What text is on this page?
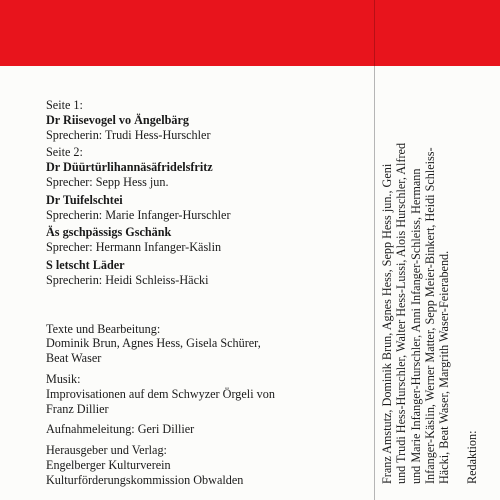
Seite 1:
Dr Riisevogel vo Ängelbärg
Sprecherin: Trudi Hess-Hurschler
Seite 2:
Dr Düürtürlihannäsäfridelsfritz
Sprecher: Sepp Hess jun.
Dr Tuifelschtei
Sprecherin: Marie Infanger-Hurschler
Äs gschpässigs Gschänk
Sprecher: Hermann Infanger-Käslin
S letscht Läder
Sprecherin: Heidi Schleiss-Häcki
Texte und Bearbeitung:
Dominik Brun, Agnes Hess, Gisela Schürer,
Beat Waser
Musik:
Improvisationen auf dem Schwyzer Örgeli von
Franz Dillier
Aufnahmeleitung: Geri Dillier
Herausgeber und Verlag:
Engelberger Kulturverein
Kulturförderungskommission Obwalden	Franz Amstutz, Dominik Brun, Agnes Hess, Sepp Hess jun., Geni und Trudi Hess-Hurschler, Walter Hess-Lussi, Alois Hurschler, Alfred und Marie Infanger-Hurschler, Anni Infanger-Schleiss, Hermann Infanger-Käslin, Werner Matter, Sepp Meier-Binkert, Heidi Schleiss- Häcki, Beat Waser, Margrith Waser-Feierabend. Redaktion:
